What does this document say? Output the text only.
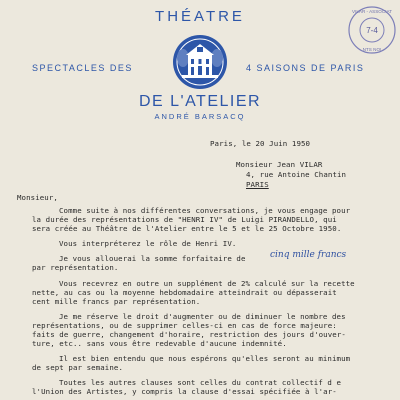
THÉATRE
SPECTACLES DES	4 SAISONS DE PARIS
DE L'ATELIER
ANDRÉ BARSACQ
7-4
VILAR - ASSOCIAT
NTS NOI
Paris, le 20 Juin 1950
Monsieur Jean VILAR
4, rue Antoine Chantin
PARIS
Monsieur,
Comme suite à nos différentes conversations, je vous engage pour
la durée des représentations de "HENRI IV" de Luigi PIRANDELLO, qui
sera créée au Théâtre de l'Atelier entre le 5 et le 25 Octobre 1950.
Vous interpréterez le rôle de Henri IV.
Je vous allouerai la somme forfaitaire de	cinq mille francs
par représentation.
Vous recevrez en outre un supplément de 2% calculé sur la recette
nette, au cas ou la moyenne hebdomadaire atteindrait ou dépasserait
cent mille francs par représentation.
Je me réserve le droit d'augmenter ou de diminuer le nombre des
représentations, ou de supprimer celles-ci en cas de force majeure:
faits de guerre, changement d'horaire, restriction des jours d'ouver-
ture, etc.. sans vous être redevable d'aucune indemnité.
Il est bien entendu que nous espérons qu'elles seront au minimum
de sept par semaine.
Toutes les autres clauses sont celles du contrat collectif d e
l'Union des Artistes, y compris la clause d'essai spécifiée à l'ar-
